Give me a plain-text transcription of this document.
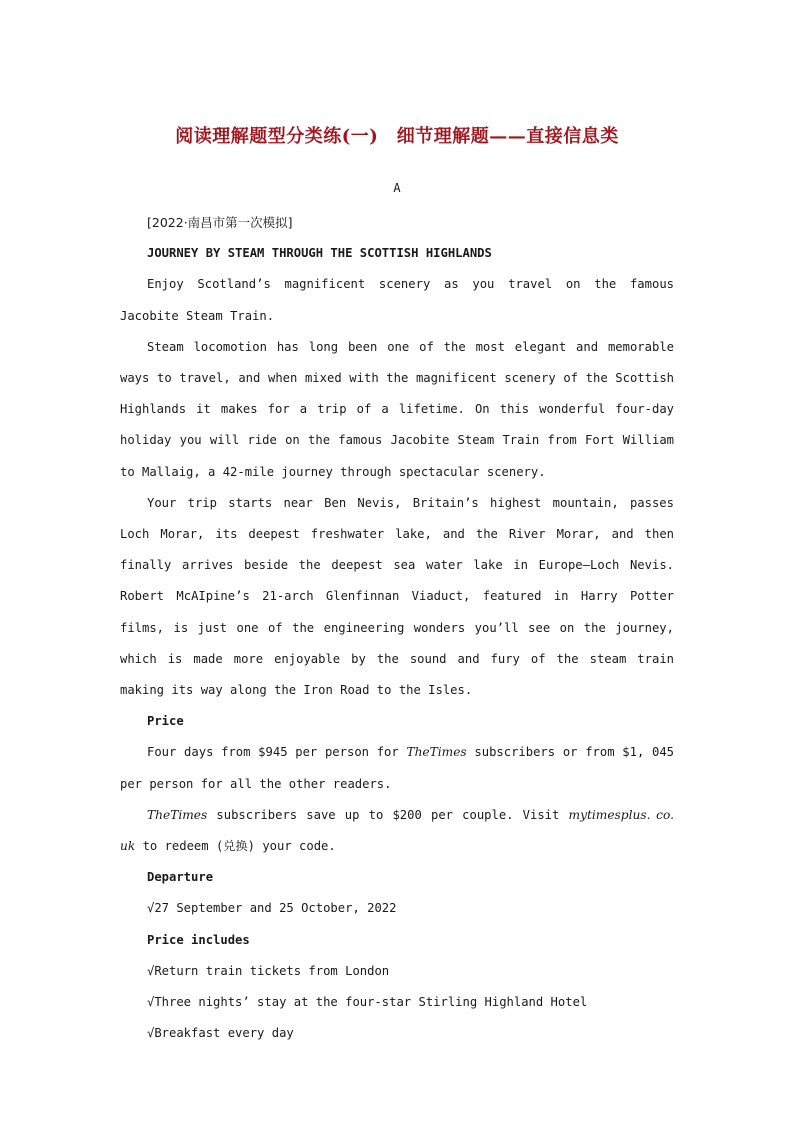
阅读理解题型分类练(一)　细节理解题——直接信息类
A

[2022·南昌市第一次模拟]

JOURNEY BY STEAM THROUGH THE SCOTTISH HIGHLANDS

Enjoy Scotland’s magnificent scenery as you travel on the famous Jacobite Steam Train.

Steam locomotion has long been one of the most elegant and memorable ways to travel, and when mixed with the magnificent scenery of the Scottish Highlands it makes for a trip of a lifetime. On this wonderful four-day holiday you will ride on the famous Jacobite Steam Train from Fort William to Mallaig, a 42-mile journey through spectacular scenery.

Your trip starts near Ben Nevis, Britain’s highest mountain, passes Loch Morar, its deepest freshwater lake, and the River Morar, and then finally arrives beside the deepest sea water lake in Europe—Loch Nevis. Robert McAIpine’s 21-arch Glenfinnan Viaduct, featured in Harry Potter films, is just one of the engineering wonders you’ll see on the journey, which is made more enjoyable by the sound and fury of the steam train making its way along the Iron Road to the Isles.

Price

Four days from $945 per person for TheTimes subscribers or from $1, 045 per person for all the other readers.

TheTimes subscribers save up to $200 per couple. Visit mytimesplus. co. uk to redeem (兑换) your code.

Departure

√27 September and 25 October, 2022

Price includes

√Return train tickets from London

√Three nights’ stay at the four-star Stirling Highland Hotel

√Breakfast every day
